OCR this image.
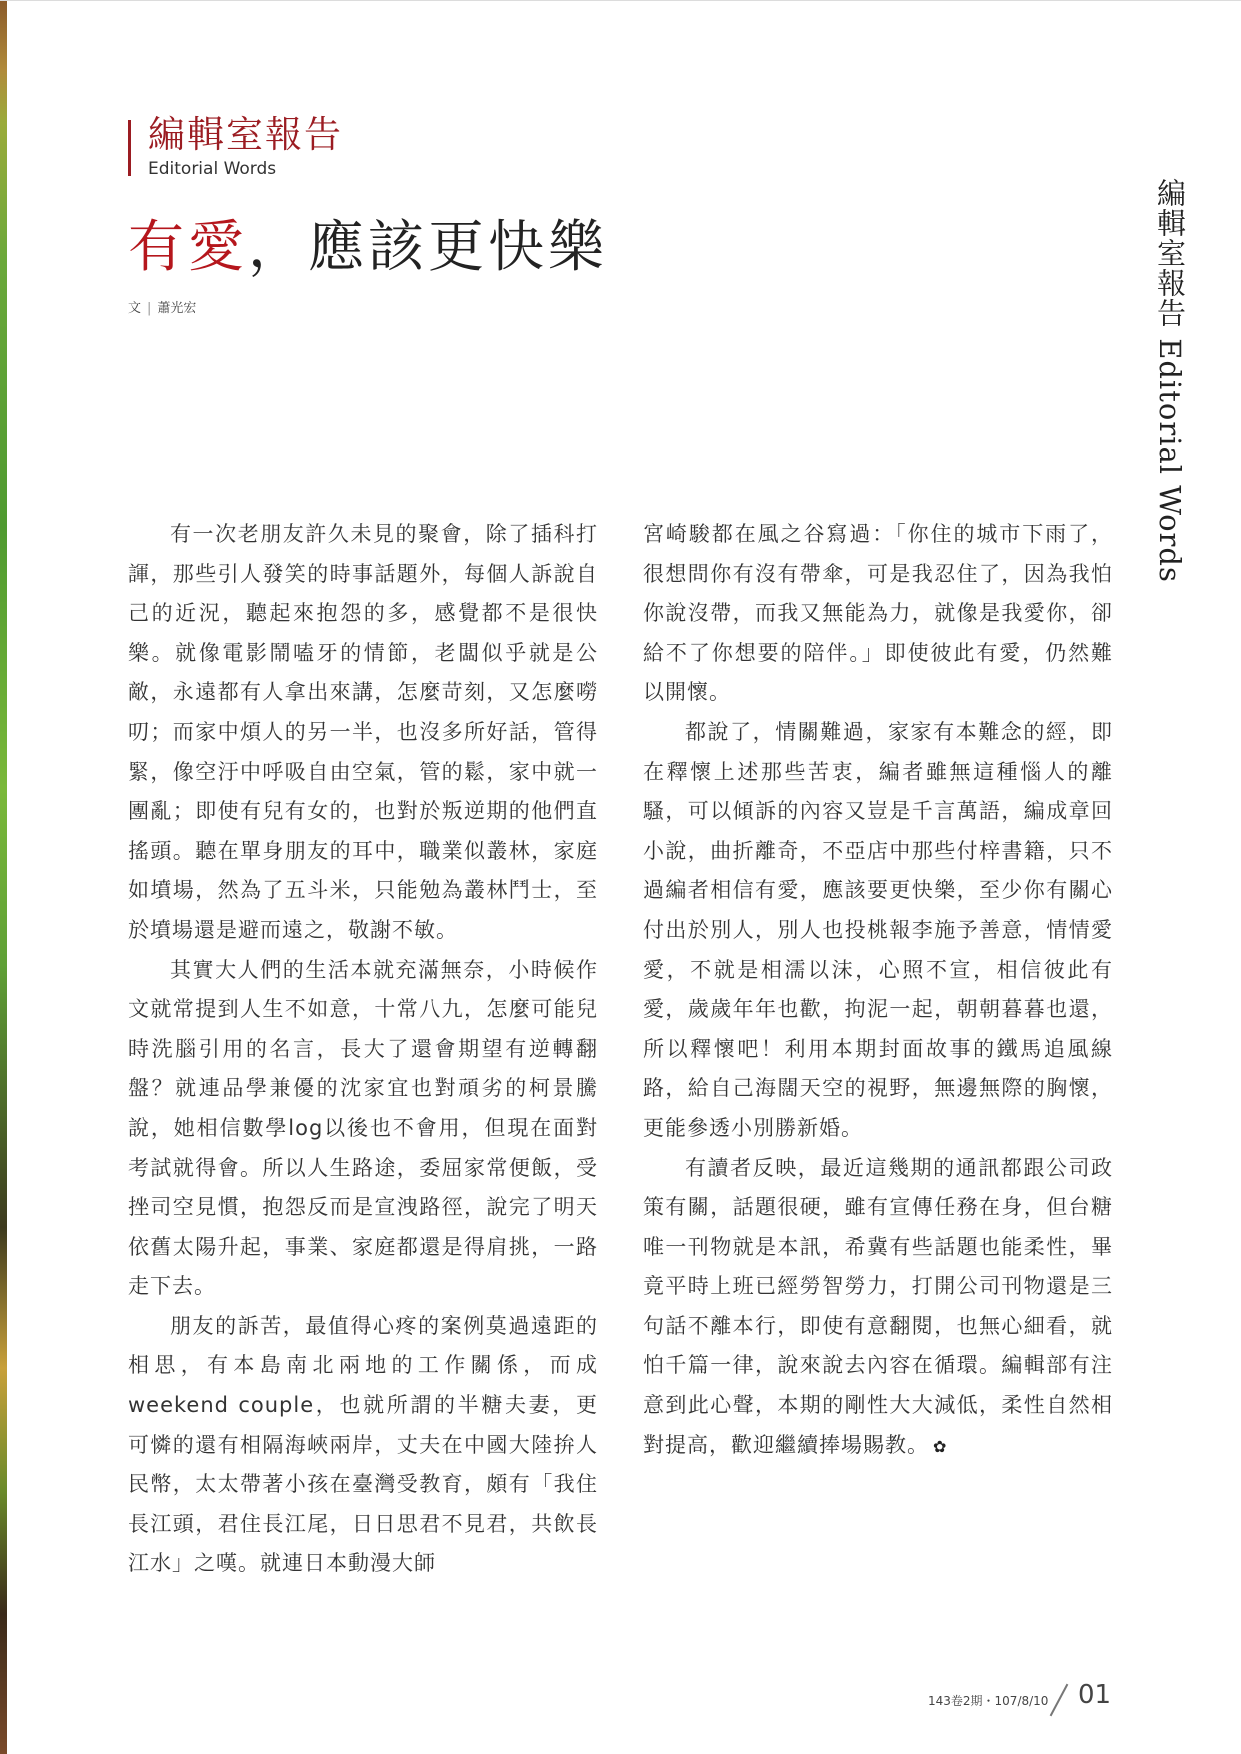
編輯室報告
Editorial Words
有愛，應該更快樂
文 | 蕭光宏	編輯室報告 Editorial Words

有一次老朋友許久未見的聚會，除了插科打諢，那些引人發笑的時事話題外，每個人訴說自己的近況，聽起來抱怨的多，感覺都不是很快樂。就像電影鬧嗑牙的情節，老闆似乎就是公敵，永遠都有人拿出來講，怎麼苛刻，又怎麼嘮叨；而家中煩人的另一半，也沒多所好話，管得緊，像空汙中呼吸自由空氣，管的鬆，家中就一團亂；即使有兒有女的，也對於叛逆期的他們直搖頭。聽在單身朋友的耳中，職業似叢林，家庭如墳場，然為了五斗米，只能勉為叢林鬥士，至於墳場還是避而遠之，敬謝不敏。

其實大人們的生活本就充滿無奈，小時候作文就常提到人生不如意，十常八九，怎麼可能兒時洗腦引用的名言，長大了還會期望有逆轉翻盤？就連品學兼優的沈家宜也對頑劣的柯景騰說，她相信數學log以後也不會用，但現在面對考試就得會。所以人生路途，委屈家常便飯，受挫司空見慣，抱怨反而是宣洩路徑，說完了明天依舊太陽升起，事業、家庭都還是得肩挑，一路走下去。

朋友的訴苦，最值得心疼的案例莫過遠距的相思，有本島南北兩地的工作關係，而成weekend couple，也就所謂的半糖夫妻，更可憐的還有相隔海峽兩岸，丈夫在中國大陸拚人民幣，太太帶著小孩在臺灣受教育，頗有「我住長江頭，君住長江尾，日日思君不見君，共飲長江水」之嘆。就連日本動漫大師

宮崎駿都在風之谷寫過：「你住的城市下雨了，很想問你有沒有帶傘，可是我忍住了，因為我怕你說沒帶，而我又無能為力，就像是我愛你，卻給不了你想要的陪伴。」即使彼此有愛，仍然難以開懷。

都說了，情關難過，家家有本難念的經，即在釋懷上述那些苦衷，編者雖無這種惱人的離騷，可以傾訴的內容又豈是千言萬語，編成章回小說，曲折離奇，不亞店中那些付梓書籍，只不過編者相信有愛，應該要更快樂，至少你有關心付出於別人，別人也投桃報李施予善意，情情愛愛，不就是相濡以沫，心照不宣，相信彼此有愛，歲歲年年也歡，拘泥一起，朝朝暮暮也還，所以釋懷吧！利用本期封面故事的鐵馬追風線路，給自己海闊天空的視野，無邊無際的胸懷，更能參透小別勝新婚。

有讀者反映，最近這幾期的通訊都跟公司政策有關，話題很硬，雖有宣傳任務在身，但台糖唯一刊物就是本訊，希冀有些話題也能柔性，畢竟平時上班已經勞智勞力，打開公司刊物還是三句話不離本行，即使有意翻閱，也無心細看，就怕千篇一律，說來說去內容在循環。編輯部有注意到此心聲，本期的剛性大大減低，柔性自然相對提高，歡迎繼續捧場賜教。 ✿

143卷2期・107/8/10 01
